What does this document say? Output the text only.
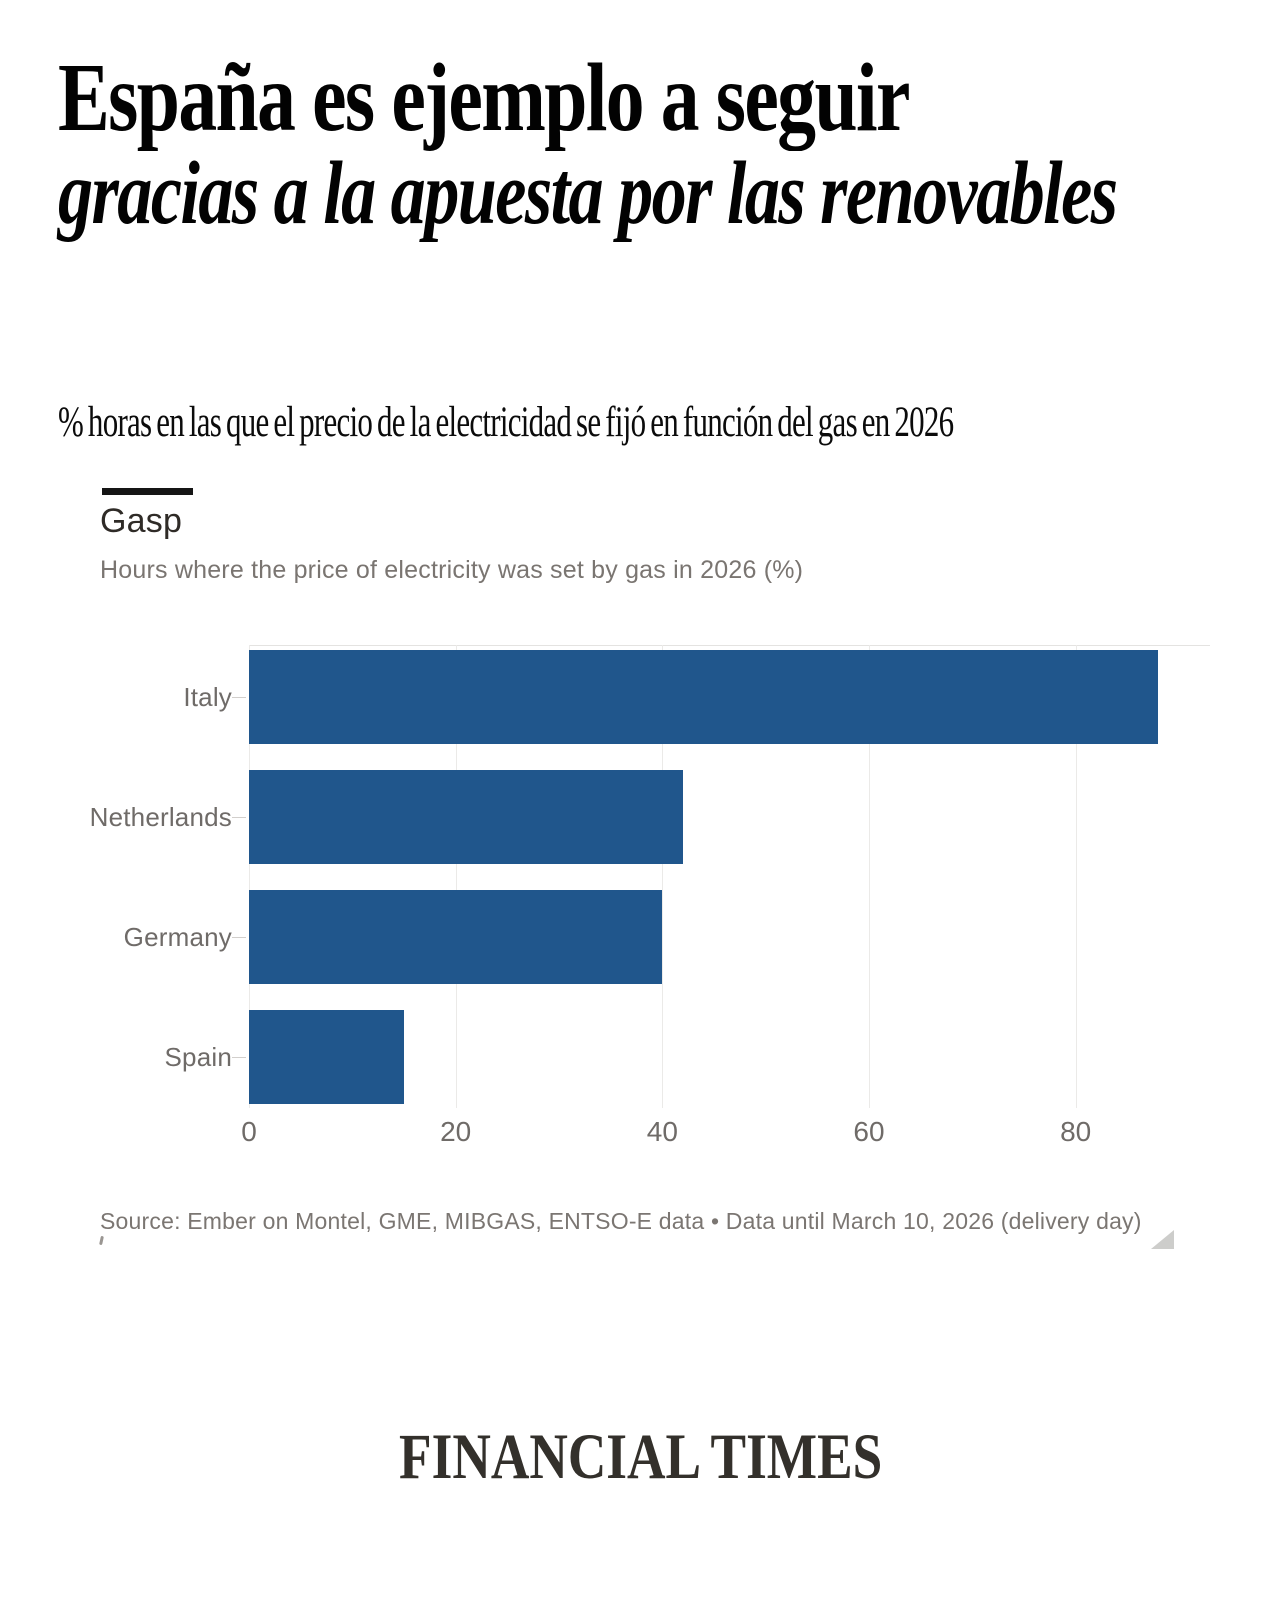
España es ejemplo a seguir
gracias a la apuesta por las renovables
% horas en las que el precio de la electricidad se fijó en función del gas en 2026
Gasp
Hours where the price of electricity was set by gas in 2026 (%)
0	20	40	60	80
Italy
Netherlands
Germany
Spain
Source: Ember on Montel, GME, MIBGAS, ENTSO-E data • Data until March 10, 2026 (delivery day)
FINANCIAL TIMES
